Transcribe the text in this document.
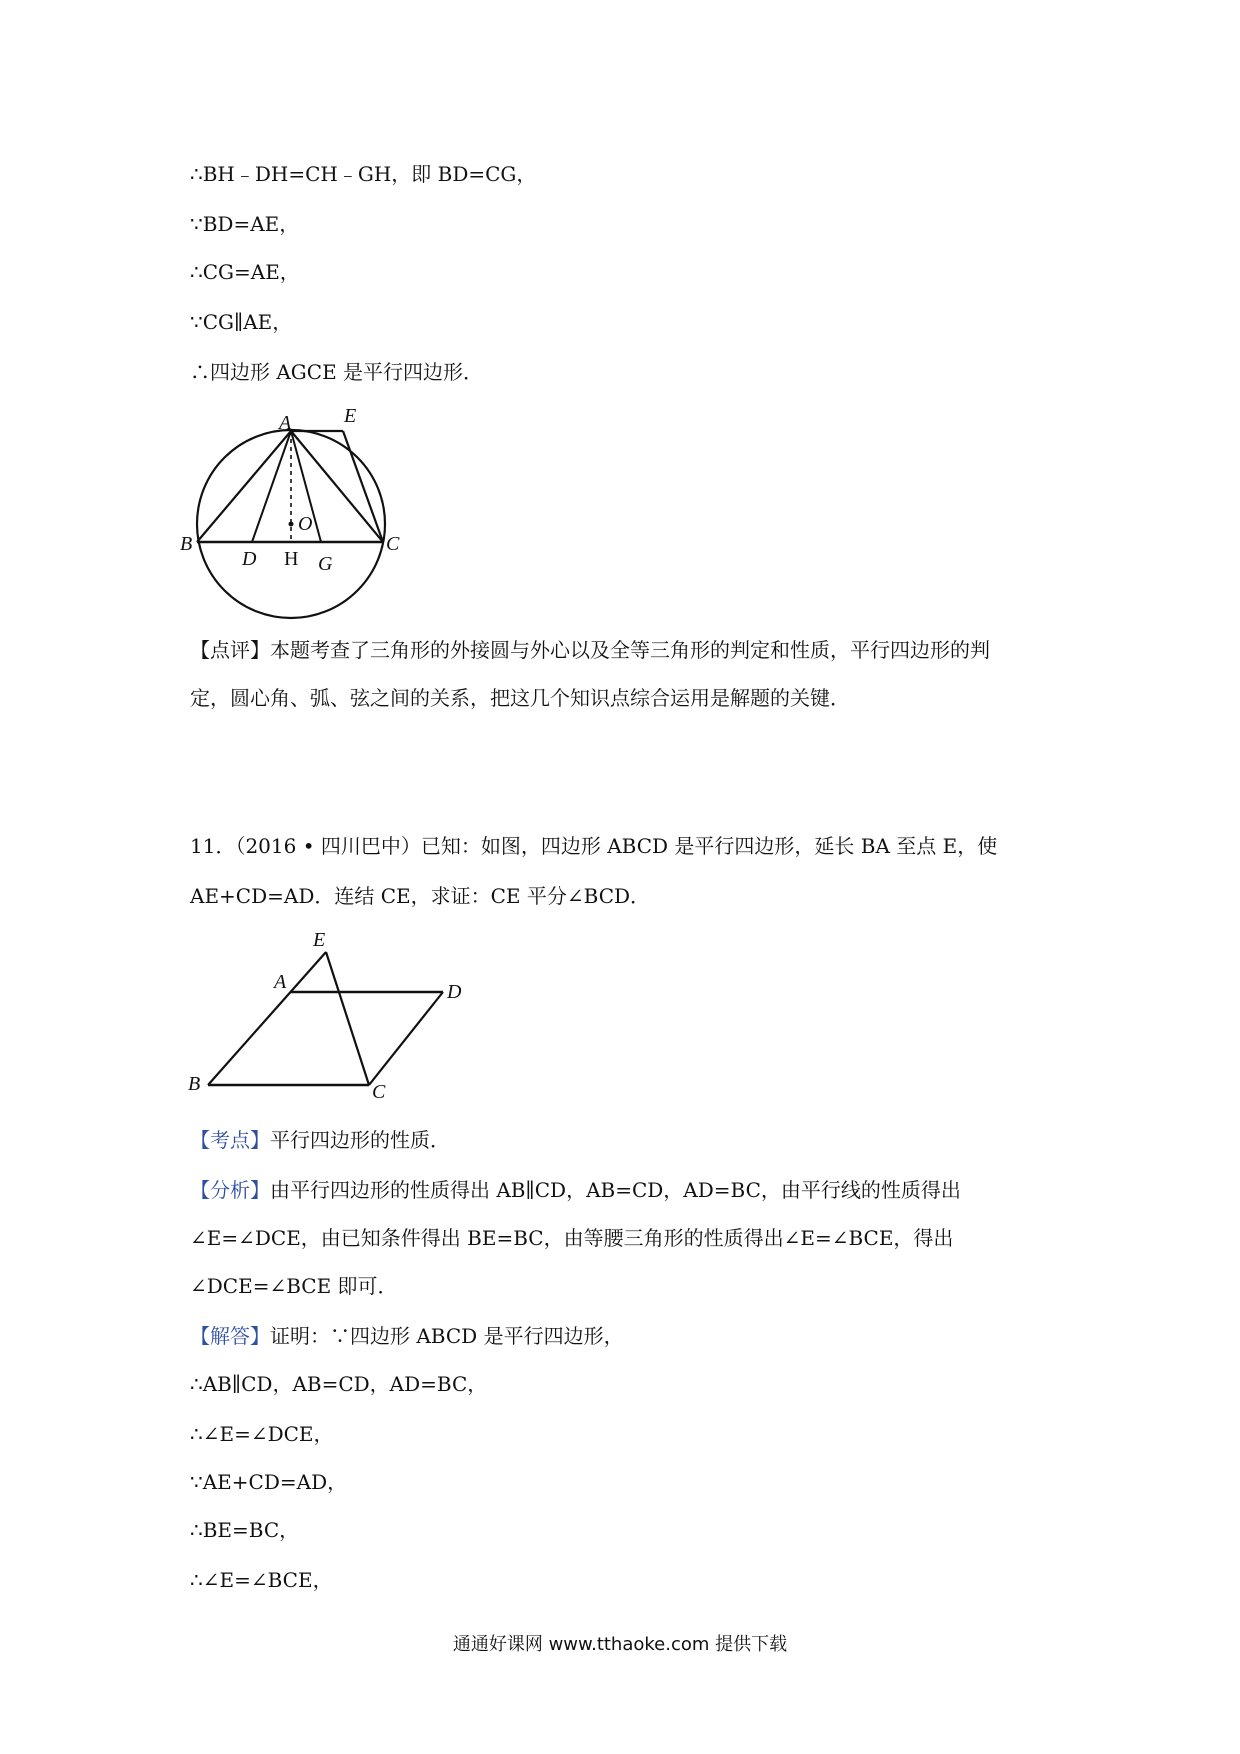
∴BH﹣DH=CH﹣GH，即 BD=CG，
∵BD=AE，
∴CG=AE，
∵CG∥AE，
∴四边形 AGCE 是平行四边形．
A	E
O
B
D H G
C
【点评】本题考查了三角形的外接圆与外心以及全等三角形的判定和性质，平行四边形的判
定，圆心角、弧、弦之间的关系，把这几个知识点综合运用是解题的关键．
11．（2016 • 四川巴中）已知：如图，四边形 ABCD 是平行四边形，延长 BA 至点 E，使
AE+CD=AD．连结 CE，求证：CE 平分∠BCD．
E
A	D
B	C
【考点】平行四边形的性质．
【分析】由平行四边形的性质得出 AB∥CD，AB=CD，AD=BC，由平行线的性质得出
∠E=∠DCE，由已知条件得出 BE=BC，由等腰三角形的性质得出∠E=∠BCE，得出
∠DCE=∠BCE 即可．
【解答】证明：∵四边形 ABCD 是平行四边形，
∴AB∥CD，AB=CD，AD=BC，
∴∠E=∠DCE，
∵AE+CD=AD，
∴BE=BC，
∴∠E=∠BCE，
通通好课网 www.tthaoke.com 提供下载
